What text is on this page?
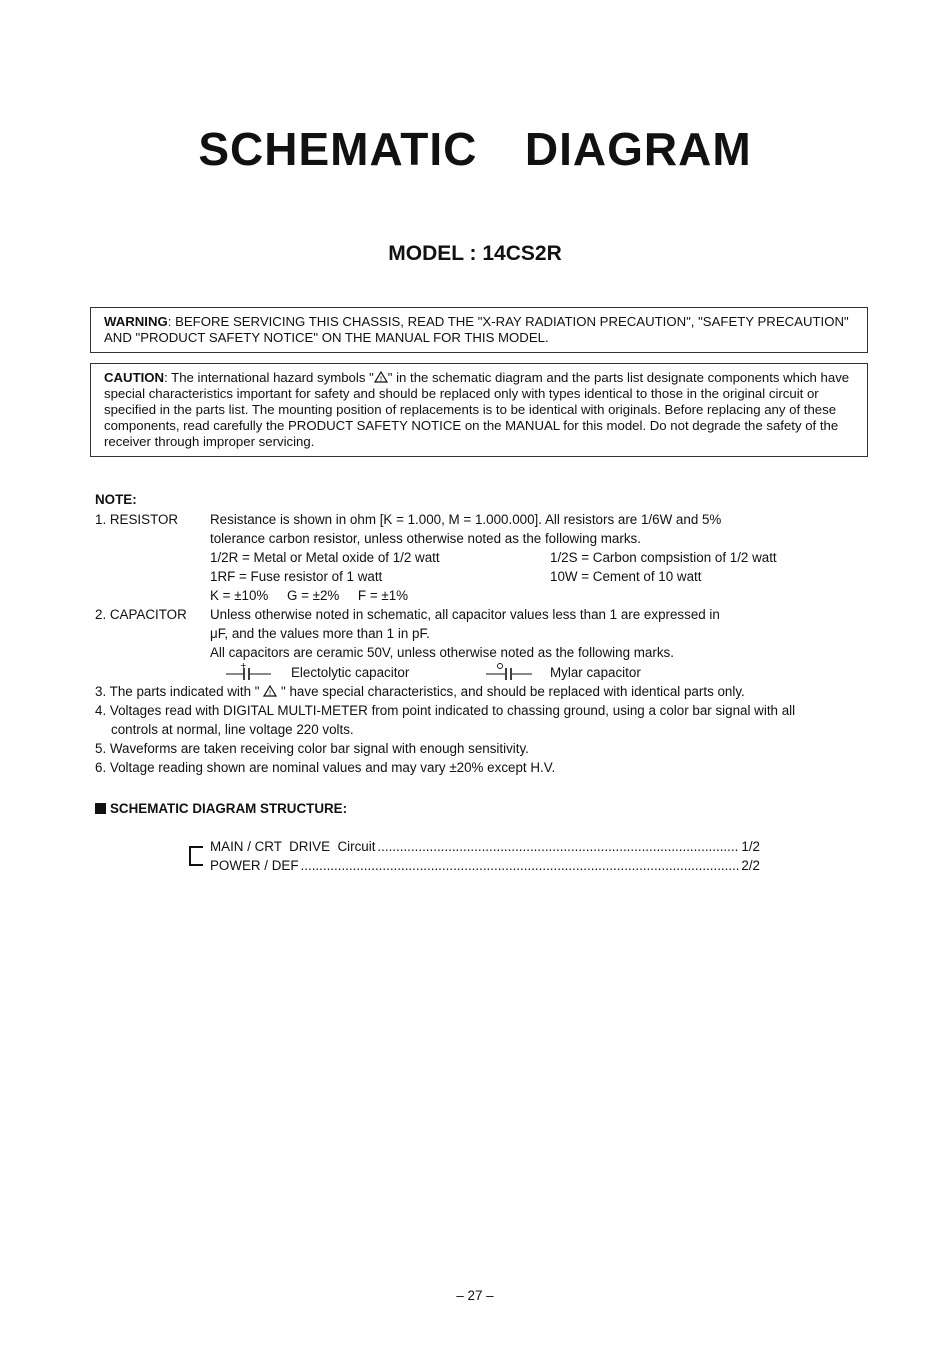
SCHEMATIC  DIAGRAM
MODEL : 14CS2R
WARNING: BEFORE SERVICING THIS CHASSIS, READ THE "X-RAY RADIATION PRECAUTION", "SAFETY PRECAUTION" AND "PRODUCT SAFETY NOTICE" ON THE MANUAL FOR THIS MODEL.
CAUTION: The international hazard symbols " ! " in the schematic diagram and the parts list designate components which have special characteristics important for safety and should be replaced only with types identical to those in the original circuit or specified in the parts list. The mounting position of replacements is to be identical with originals. Before replacing any of these components, read carefully the PRODUCT SAFETY NOTICE on the MANUAL for this model. Do not degrade the safety of the receiver through improper servicing.
NOTE:
1. RESISTOR Resistance is shown in ohm [K = 1.000, M = 1.000.000]. All resistors are 1/6W and 5%
tolerance carbon resistor, unless otherwise noted as the following marks.
1/2R = Metal or Metal oxide of 1/2 watt	1/2S = Carbon compsistion of 1/2 watt
1RF = Fuse resistor of 1 watt	10W = Cement of 10 watt
K = ±10%     G = ±2%     F = ±1%
2. CAPACITOR Unless otherwise noted in schematic, all capacitor values less than 1 are expressed in
μF, and the values more than 1 in pF.
All capacitors are ceramic 50V, unless otherwise noted as the following marks.
+	Electolytic capacitor	Mylar capacitor
3. The parts indicated with " ! " have special characteristics, and should be replaced with identical parts only.
4. Voltages read with DIGITAL MULTI-METER from point indicated to chassing ground, using a color bar signal with all
controls at normal, line voltage 220 volts.
5. Waveforms are taken receiving color bar signal with enough sensitivity.
6. Voltage reading shown are nominal values and may vary ±20% except H.V.
SCHEMATIC DIAGRAM STRUCTURE:
MAIN / CRT  DRIVE  Circuit .....	1/2
POWER / DEF .....	2/2
– 27 –
